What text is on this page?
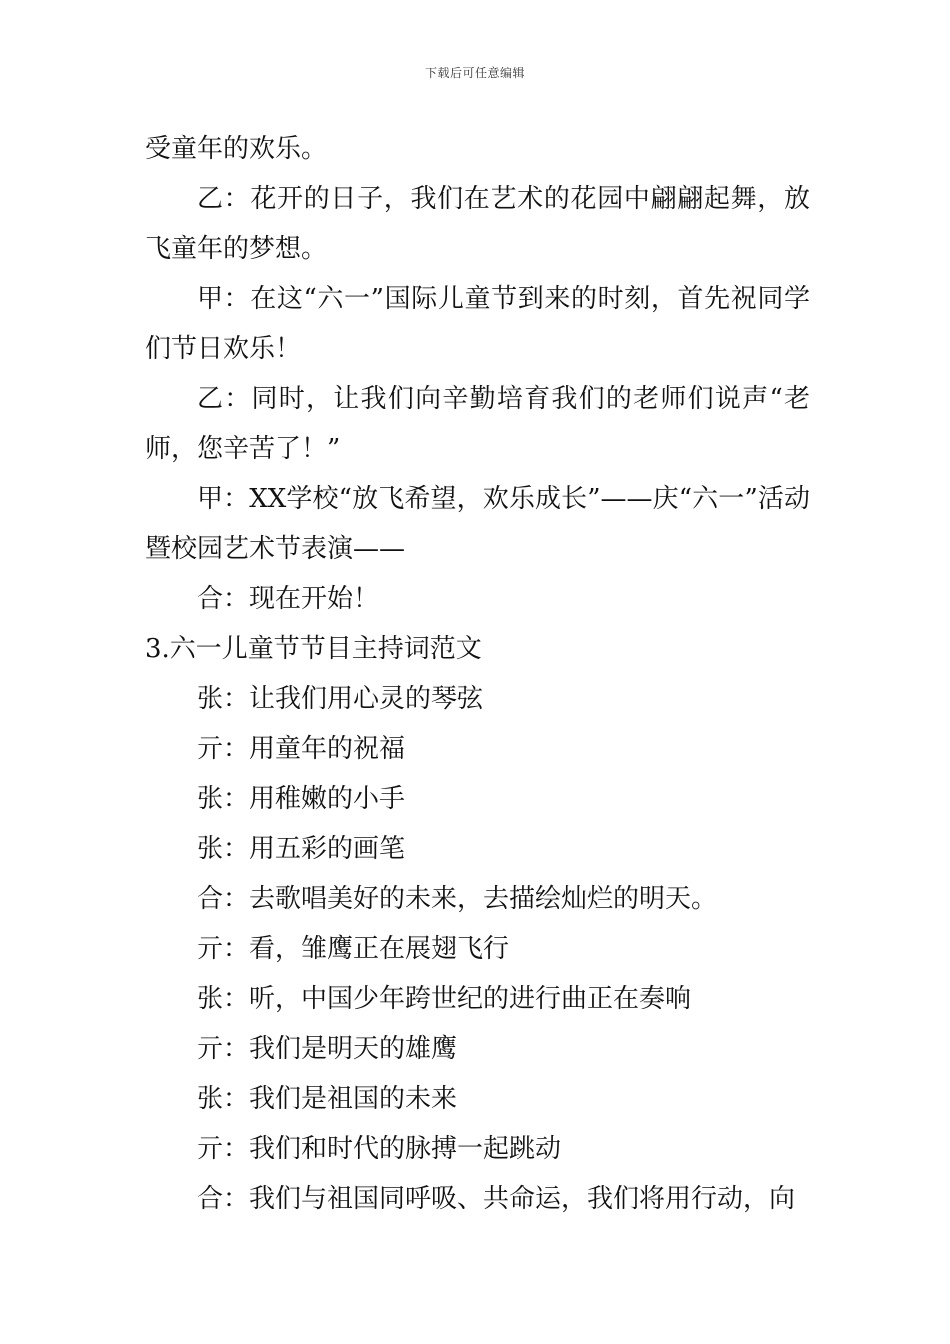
下载后可任意编辑

受童年的欢乐。

乙：花开的日子，我们在艺术的花园中翩翩起舞，放飞童年的梦想。

甲：在这“六一”国际儿童节到来的时刻，首先祝同学们节日欢乐！

乙：同时，让我们向辛勤培育我们的老师们说声“老师，您辛苦了！”

甲：XX学校“放飞希望，欢乐成长”——庆“六一”活动暨校园艺术节表演——

合：现在开始！

3.六一儿童节节目主持词范文

张：让我们用心灵的琴弦

亓：用童年的祝福

张：用稚嫩的小手

张：用五彩的画笔

合：去歌唱美好的未来，去描绘灿烂的明天。

亓：看，雏鹰正在展翅飞行

张：听，中国少年跨世纪的进行曲正在奏响

亓：我们是明天的雄鹰

张：我们是祖国的未来

亓：我们和时代的脉搏一起跳动

合：我们与祖国同呼吸、共命运，我们将用行动，向
